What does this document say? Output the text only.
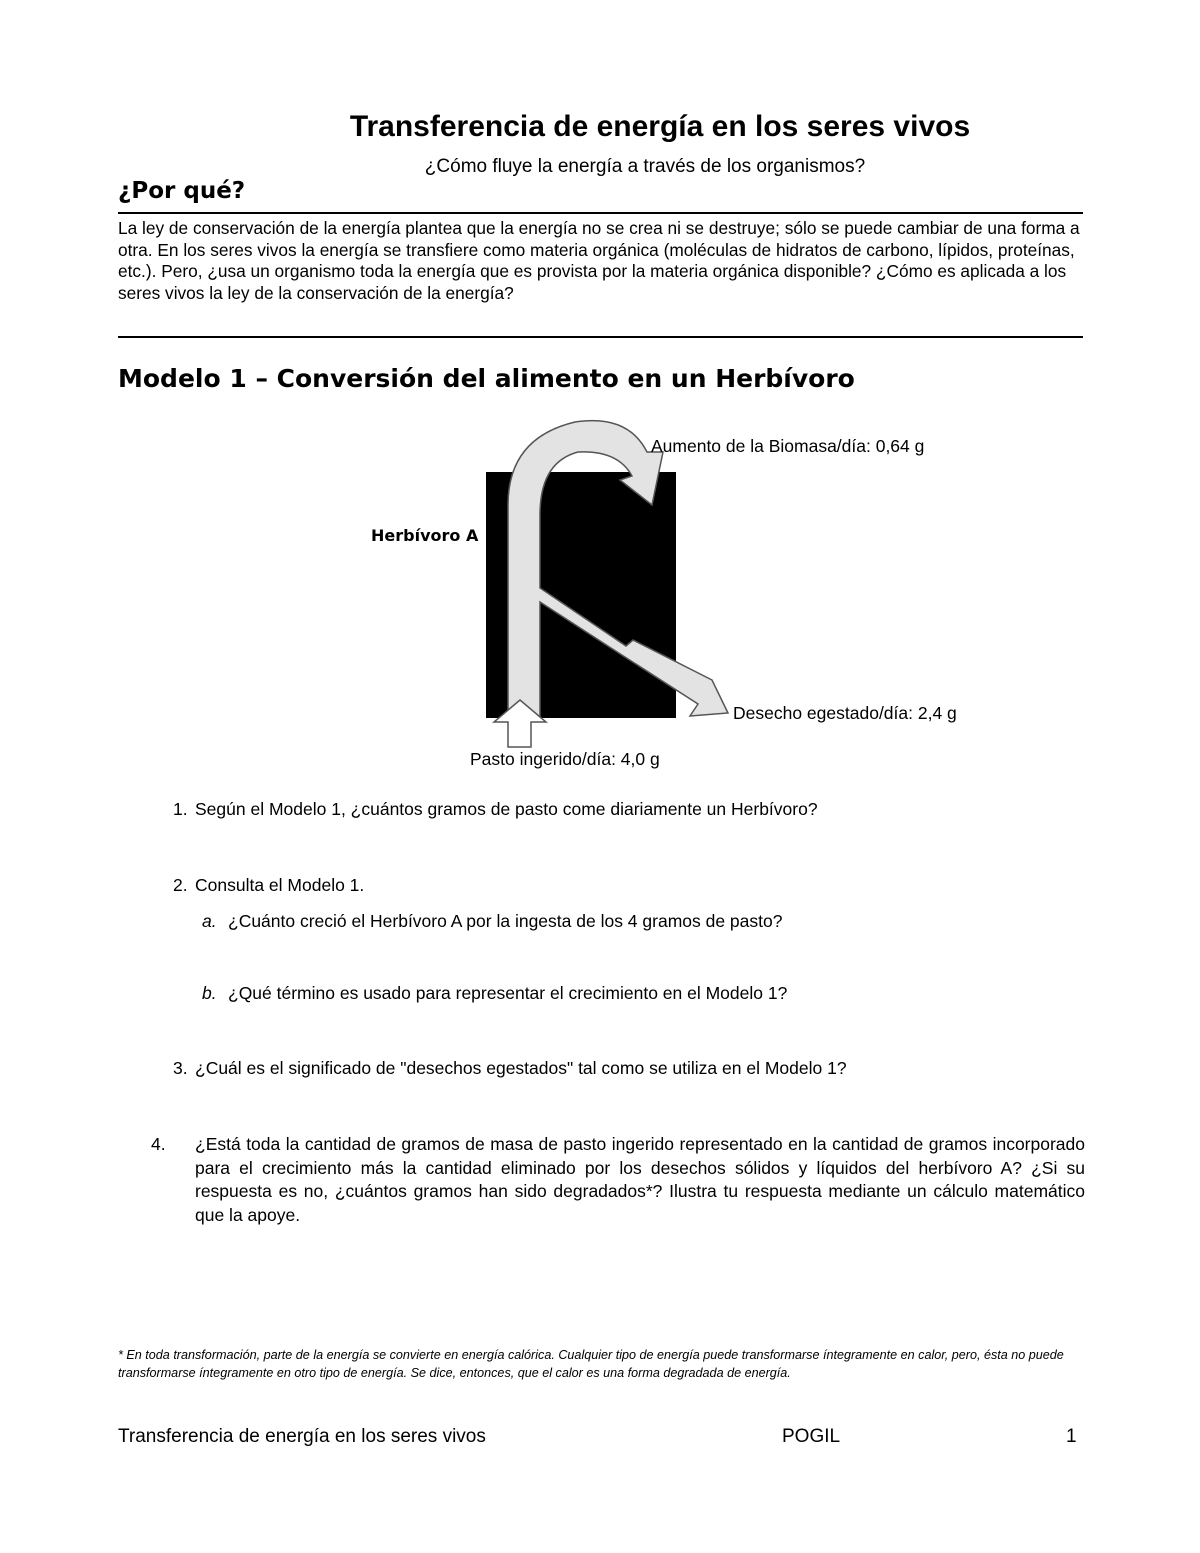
Transferencia de energía en los seres vivos
¿Cómo fluye la energía a través de los organismos?
¿Por qué?
La ley de conservación de la energía plantea que la energía no se crea ni se destruye; sólo se puede cambiar de una forma a otra. En los seres vivos la energía se transfiere como materia orgánica (moléculas de hidratos de carbono, lípidos, proteínas, etc.). Pero, ¿usa un organismo toda la energía que es provista por la materia orgánica disponible? ¿Cómo es aplicada a los seres vivos la ley de la conservación de la energía?
Modelo 1 – Conversión del alimento en un Herbívoro
Herbívoro A
Aumento de la Biomasa/día: 0,64 g
Desecho egestado/día: 2,4 g
Pasto ingerido/día: 4,0 g
1. Según el Modelo 1, ¿cuántos gramos de pasto come diariamente un Herbívoro?
2. Consulta el Modelo 1.
a. ¿Cuánto creció el Herbívoro A por la ingesta de los 4 gramos de pasto?
b. ¿Qué término es usado para representar el crecimiento en el Modelo 1?
3. ¿Cuál es el significado de "desechos egestados" tal como se utiliza en el Modelo 1?
4. ¿Está toda la cantidad de gramos de masa de pasto ingerido representado en la cantidad de gramos incorporado para el crecimiento más la cantidad eliminado por los desechos sólidos y líquidos del herbívoro A? ¿Si su respuesta es no, ¿cuántos gramos han sido degradados*? Ilustra tu respuesta mediante un cálculo matemático que la apoye.
* En toda transformación, parte de la energía se convierte en energía calórica. Cualquier tipo de energía puede transformarse íntegramente en calor, pero, ésta no puede transformarse íntegramente en otro tipo de energía. Se dice, entonces, que el calor es una forma degradada de energía.
Transferencia de energía en los seres vivos	POGIL	1
